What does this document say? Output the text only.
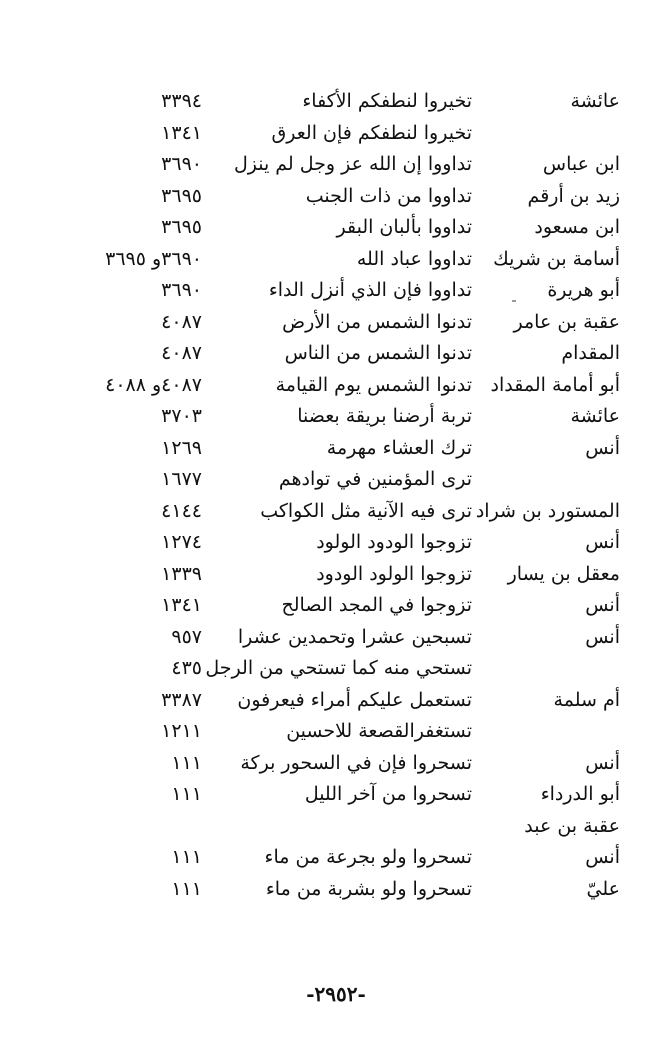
عائشة
تخيروا لنطفكم الأكفاء
٣٣٩٤
تخيروا لنطفكم فإن العرق
١٣٤١
ابن عباس
تداووا إن الله عز وجل لم ينزل
٣٦٩٠
زيد بن أرقم
تداووا من ذات الجنب
٣٦٩٥
ابن مسعود
تداووا بألبان البقر
٣٦٩٥
أسامة بن شريك
تداووا عباد الله
٣٦٩٠و ٣٦٩٥
أبو هريرة
تداووا فإن الذي أنزل الداء
٣٦٩٠
عقبة بن عامر
تدنوا الشمس من الأرض
٤٠٨٧
المقدام
تدنوا الشمس من الناس
٤٠٨٧
أبو أمامة المقداد
تدنوا الشمس يوم القيامة
٤٠٨٧و ٤٠٨٨
عائشة
تربة أرضنا بريقة بعضنا
٣٧٠٣
أنس
ترك العشاء مهرمة
١٢٦٩
ترى المؤمنين في توادهم
١٦٧٧
المستورد بن شراد
ترى فيه الآنية مثل الكواكب
٤١٤٤
أنس
تزوجوا الودود الولود
١٢٧٤
معقل بن يسار
تزوجوا الولود الودود
١٣٣٩
أنس
تزوجوا في المجد الصالح
١٣٤١
أنس
تسبحين عشرا وتحمدين عشرا
٩٥٧
تستحي منه كما تستحي من الرجل
٤٣٥
أم سلمة
تستعمل عليكم أمراء فيعرفون
٣٣٨٧
تستغفرالقصعة للاحسين
١٢١١
أنس
تسحروا فإن في السحور بركة
١١١
أبو الدرداء
تسحروا من آخر الليل
١١١
عقبة بن عبد
أنس
تسحروا ولو بجرعة من ماء
١١١
عليّ
تسحروا ولو بشربة من ماء
١١١
-٢٩٥٢-
